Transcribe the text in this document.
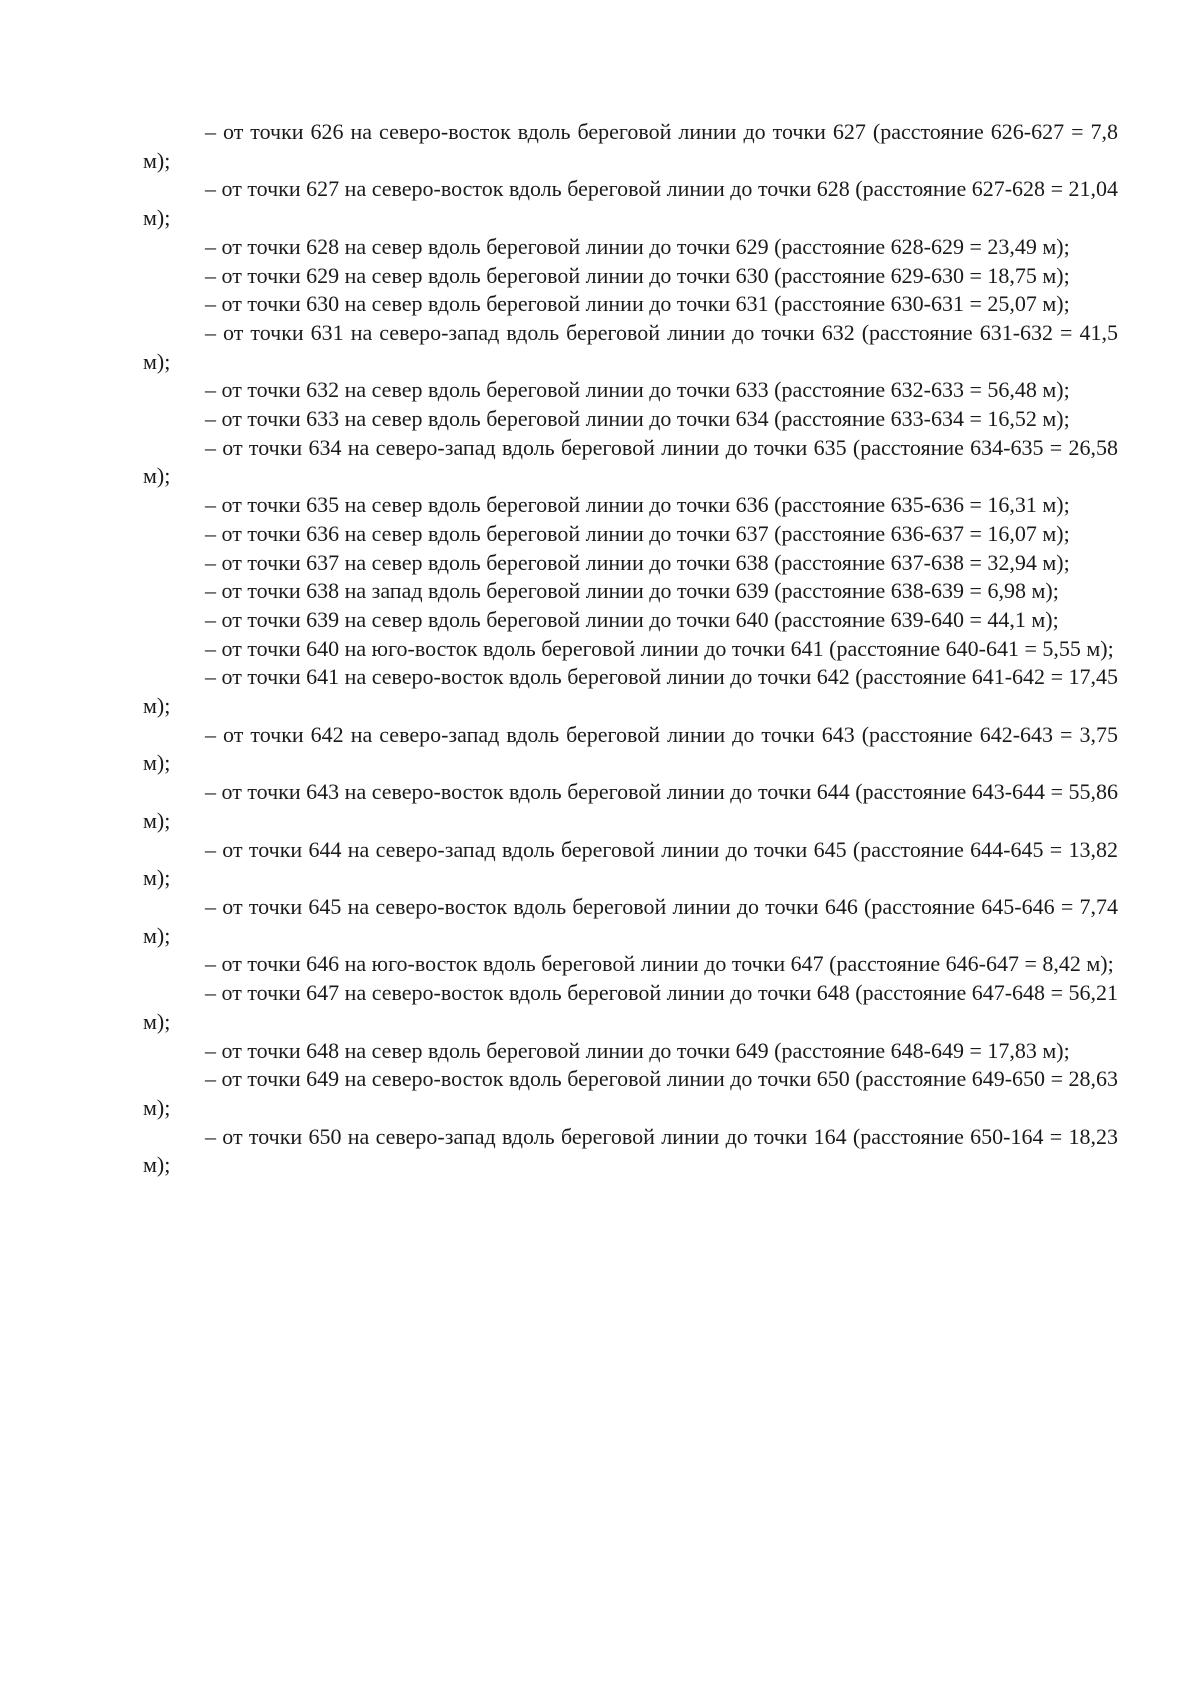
– от точки 626 на северо-восток вдоль береговой линии до точки 627 (расстояние 626-627 = 7,8 м);

– от точки 627 на северо-восток вдоль береговой линии до точки 628 (расстояние 627-628 = 21,04 м);

– от точки 628 на север вдоль береговой линии до точки 629 (расстояние 628-629 = 23,49 м);

– от точки 629 на север вдоль береговой линии до точки 630 (расстояние 629-630 = 18,75 м);

– от точки 630 на север вдоль береговой линии до точки 631 (расстояние 630-631 = 25,07 м);

– от точки 631 на северо-запад вдоль береговой линии до точки 632 (расстояние 631-632 = 41,5 м);

– от точки 632 на север вдоль береговой линии до точки 633 (расстояние 632-633 = 56,48 м);

– от точки 633 на север вдоль береговой линии до точки 634 (расстояние 633-634 = 16,52 м);

– от точки 634 на северо-запад вдоль береговой линии до точки 635 (расстояние 634-635 = 26,58 м);

– от точки 635 на север вдоль береговой линии до точки 636 (расстояние 635-636 = 16,31 м);

– от точки 636 на север вдоль береговой линии до точки 637 (расстояние 636-637 = 16,07 м);

– от точки 637 на север вдоль береговой линии до точки 638 (расстояние 637-638 = 32,94 м);

– от точки 638 на запад вдоль береговой линии до точки 639 (расстояние 638-639 = 6,98 м);

– от точки 639 на север вдоль береговой линии до точки 640 (расстояние 639-640 = 44,1 м);

– от точки 640 на юго-восток вдоль береговой линии до точки 641 (расстояние 640-641 = 5,55 м);

– от точки 641 на северо-восток вдоль береговой линии до точки 642 (расстояние 641-642 = 17,45 м);

– от точки 642 на северо-запад вдоль береговой линии до точки 643 (расстояние 642-643 = 3,75 м);

– от точки 643 на северо-восток вдоль береговой линии до точки 644 (расстояние 643-644 = 55,86 м);

– от точки 644 на северо-запад вдоль береговой линии до точки 645 (расстояние 644-645 = 13,82 м);

– от точки 645 на северо-восток вдоль береговой линии до точки 646 (расстояние 645-646 = 7,74 м);

– от точки 646 на юго-восток вдоль береговой линии до точки 647 (расстояние 646-647 = 8,42 м);

– от точки 647 на северо-восток вдоль береговой линии до точки 648 (расстояние 647-648 = 56,21 м);

– от точки 648 на север вдоль береговой линии до точки 649 (расстояние 648-649 = 17,83 м);

– от точки 649 на северо-восток вдоль береговой линии до точки 650 (расстояние 649-650 = 28,63 м);

– от точки 650 на северо-запад вдоль береговой линии до точки 164 (расстояние 650-164 = 18,23 м);
